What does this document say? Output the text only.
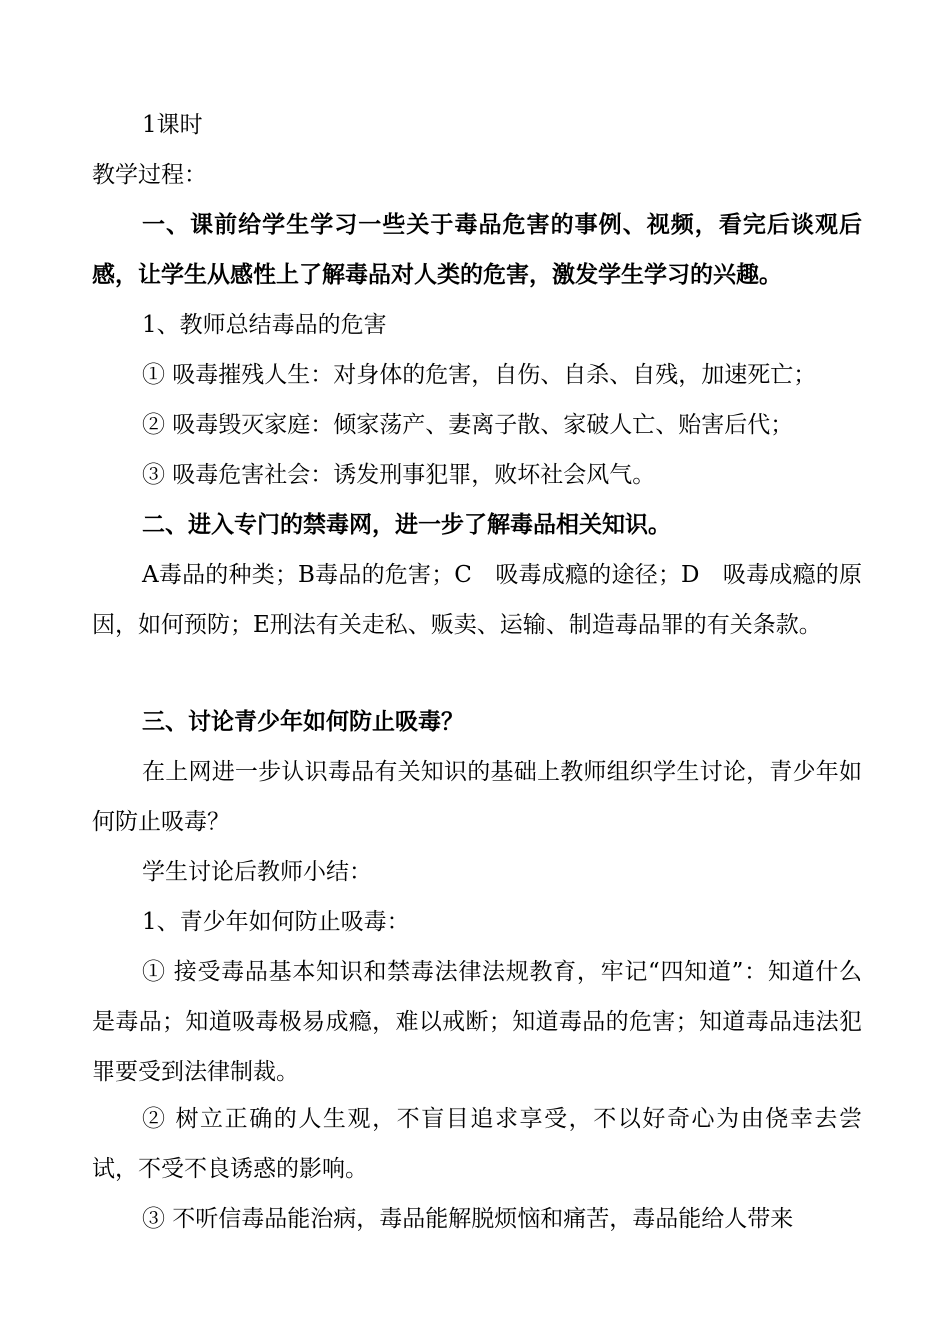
1课时

教学过程：

一、课前给学生学习一些关于毒品危害的事例、视频，看完后谈观后感，让学生从感性上了解毒品对人类的危害，激发学生学习的兴趣。

1、教师总结毒品的危害

① 吸毒摧残人生：对身体的危害，自伤、自杀、自残，加速死亡；

② 吸毒毁灭家庭：倾家荡产、妻离子散、家破人亡、贻害后代；

③ 吸毒危害社会：诱发刑事犯罪，败坏社会风气。

二、进入专门的禁毒网，进一步了解毒品相关知识。

A毒品的种类；B毒品的危害；C　吸毒成瘾的途径；D　吸毒成瘾的原因，如何预防；E刑法有关走私、贩卖、运输、制造毒品罪的有关条款。

三、讨论青少年如何防止吸毒？

在上网进一步认识毒品有关知识的基础上教师组织学生讨论，青少年如何防止吸毒？

学生讨论后教师小结：

1、青少年如何防止吸毒：

① 接受毒品基本知识和禁毒法律法规教育，牢记“四知道”：知道什么是毒品；知道吸毒极易成瘾，难以戒断；知道毒品的危害；知道毒品违法犯罪要受到法律制裁。

② 树立正确的人生观，不盲目追求享受，不以好奇心为由侥幸去尝试，不受不良诱惑的影响。

③ 不听信毒品能治病，毒品能解脱烦恼和痛苦，毒品能给人带来
